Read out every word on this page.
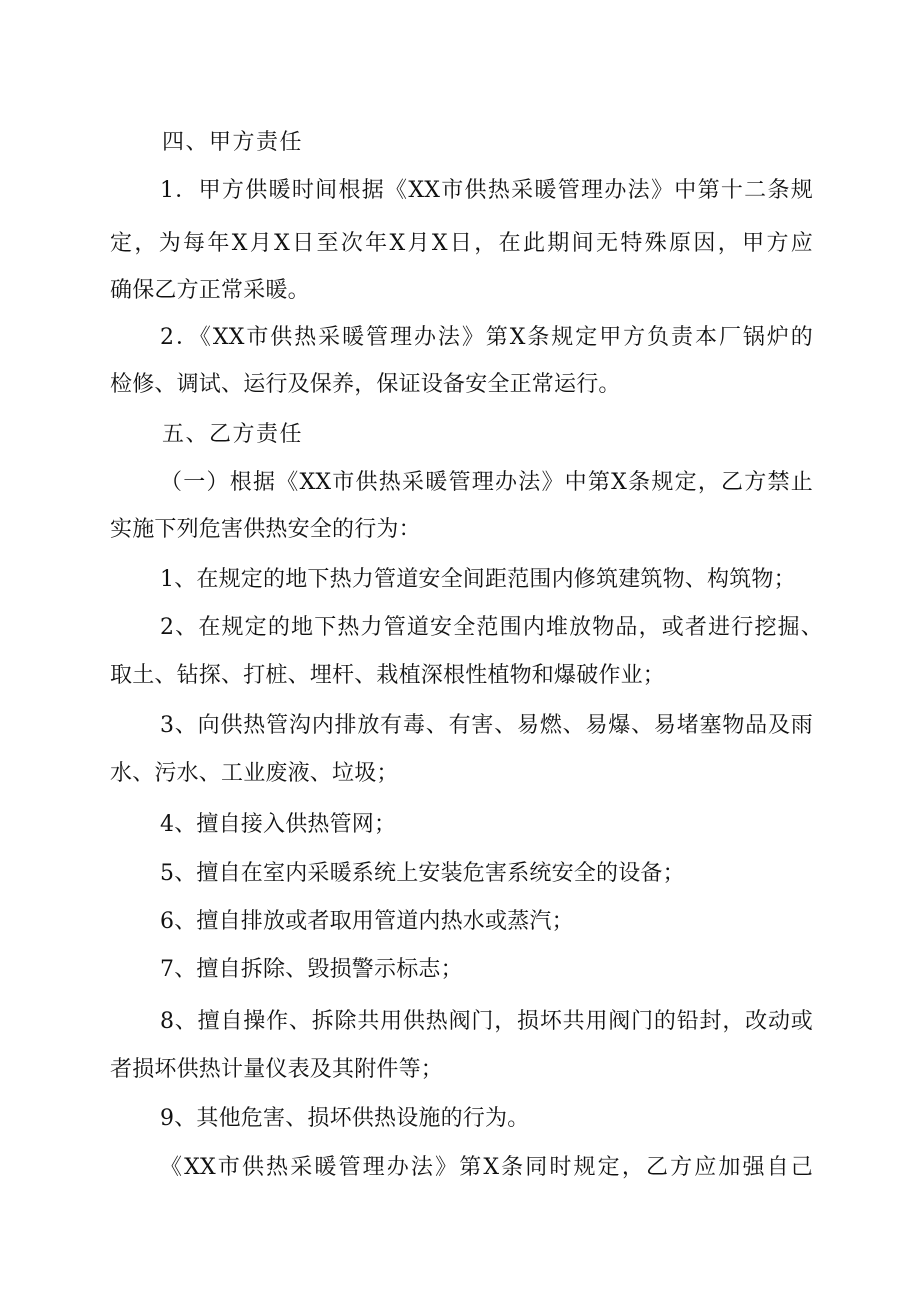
四、甲方责任
1．甲方供暖时间根据《XX市供热采暖管理办法》中第十二条规
定，为每年X月X日至次年X月X日，在此期间无特殊原因，甲方应
确保乙方正常采暖。
2．《XX市供热采暖管理办法》第X条规定甲方负责本厂锅炉的
检修、调试、运行及保养，保证设备安全正常运行。
五、乙方责任
（一）根据《XX市供热采暖管理办法》中第X条规定，乙方禁止
实施下列危害供热安全的行为：
1、在规定的地下热力管道安全间距范围内修筑建筑物、构筑物；
2、在规定的地下热力管道安全范围内堆放物品，或者进行挖掘、
取土、钻探、打桩、埋杆、栽植深根性植物和爆破作业；
3、向供热管沟内排放有毒、有害、易燃、易爆、易堵塞物品及雨
水、污水、工业废液、垃圾；
4、擅自接入供热管网；
5、擅自在室内采暖系统上安装危害系统安全的设备；
6、擅自排放或者取用管道内热水或蒸汽；
7、擅自拆除、毁损警示标志；
8、擅自操作、拆除共用供热阀门，损坏共用阀门的铅封，改动或
者损坏供热计量仪表及其附件等；
9、其他危害、损坏供热设施的行为。
《XX市供热采暖管理办法》第X条同时规定，乙方应加强自己
